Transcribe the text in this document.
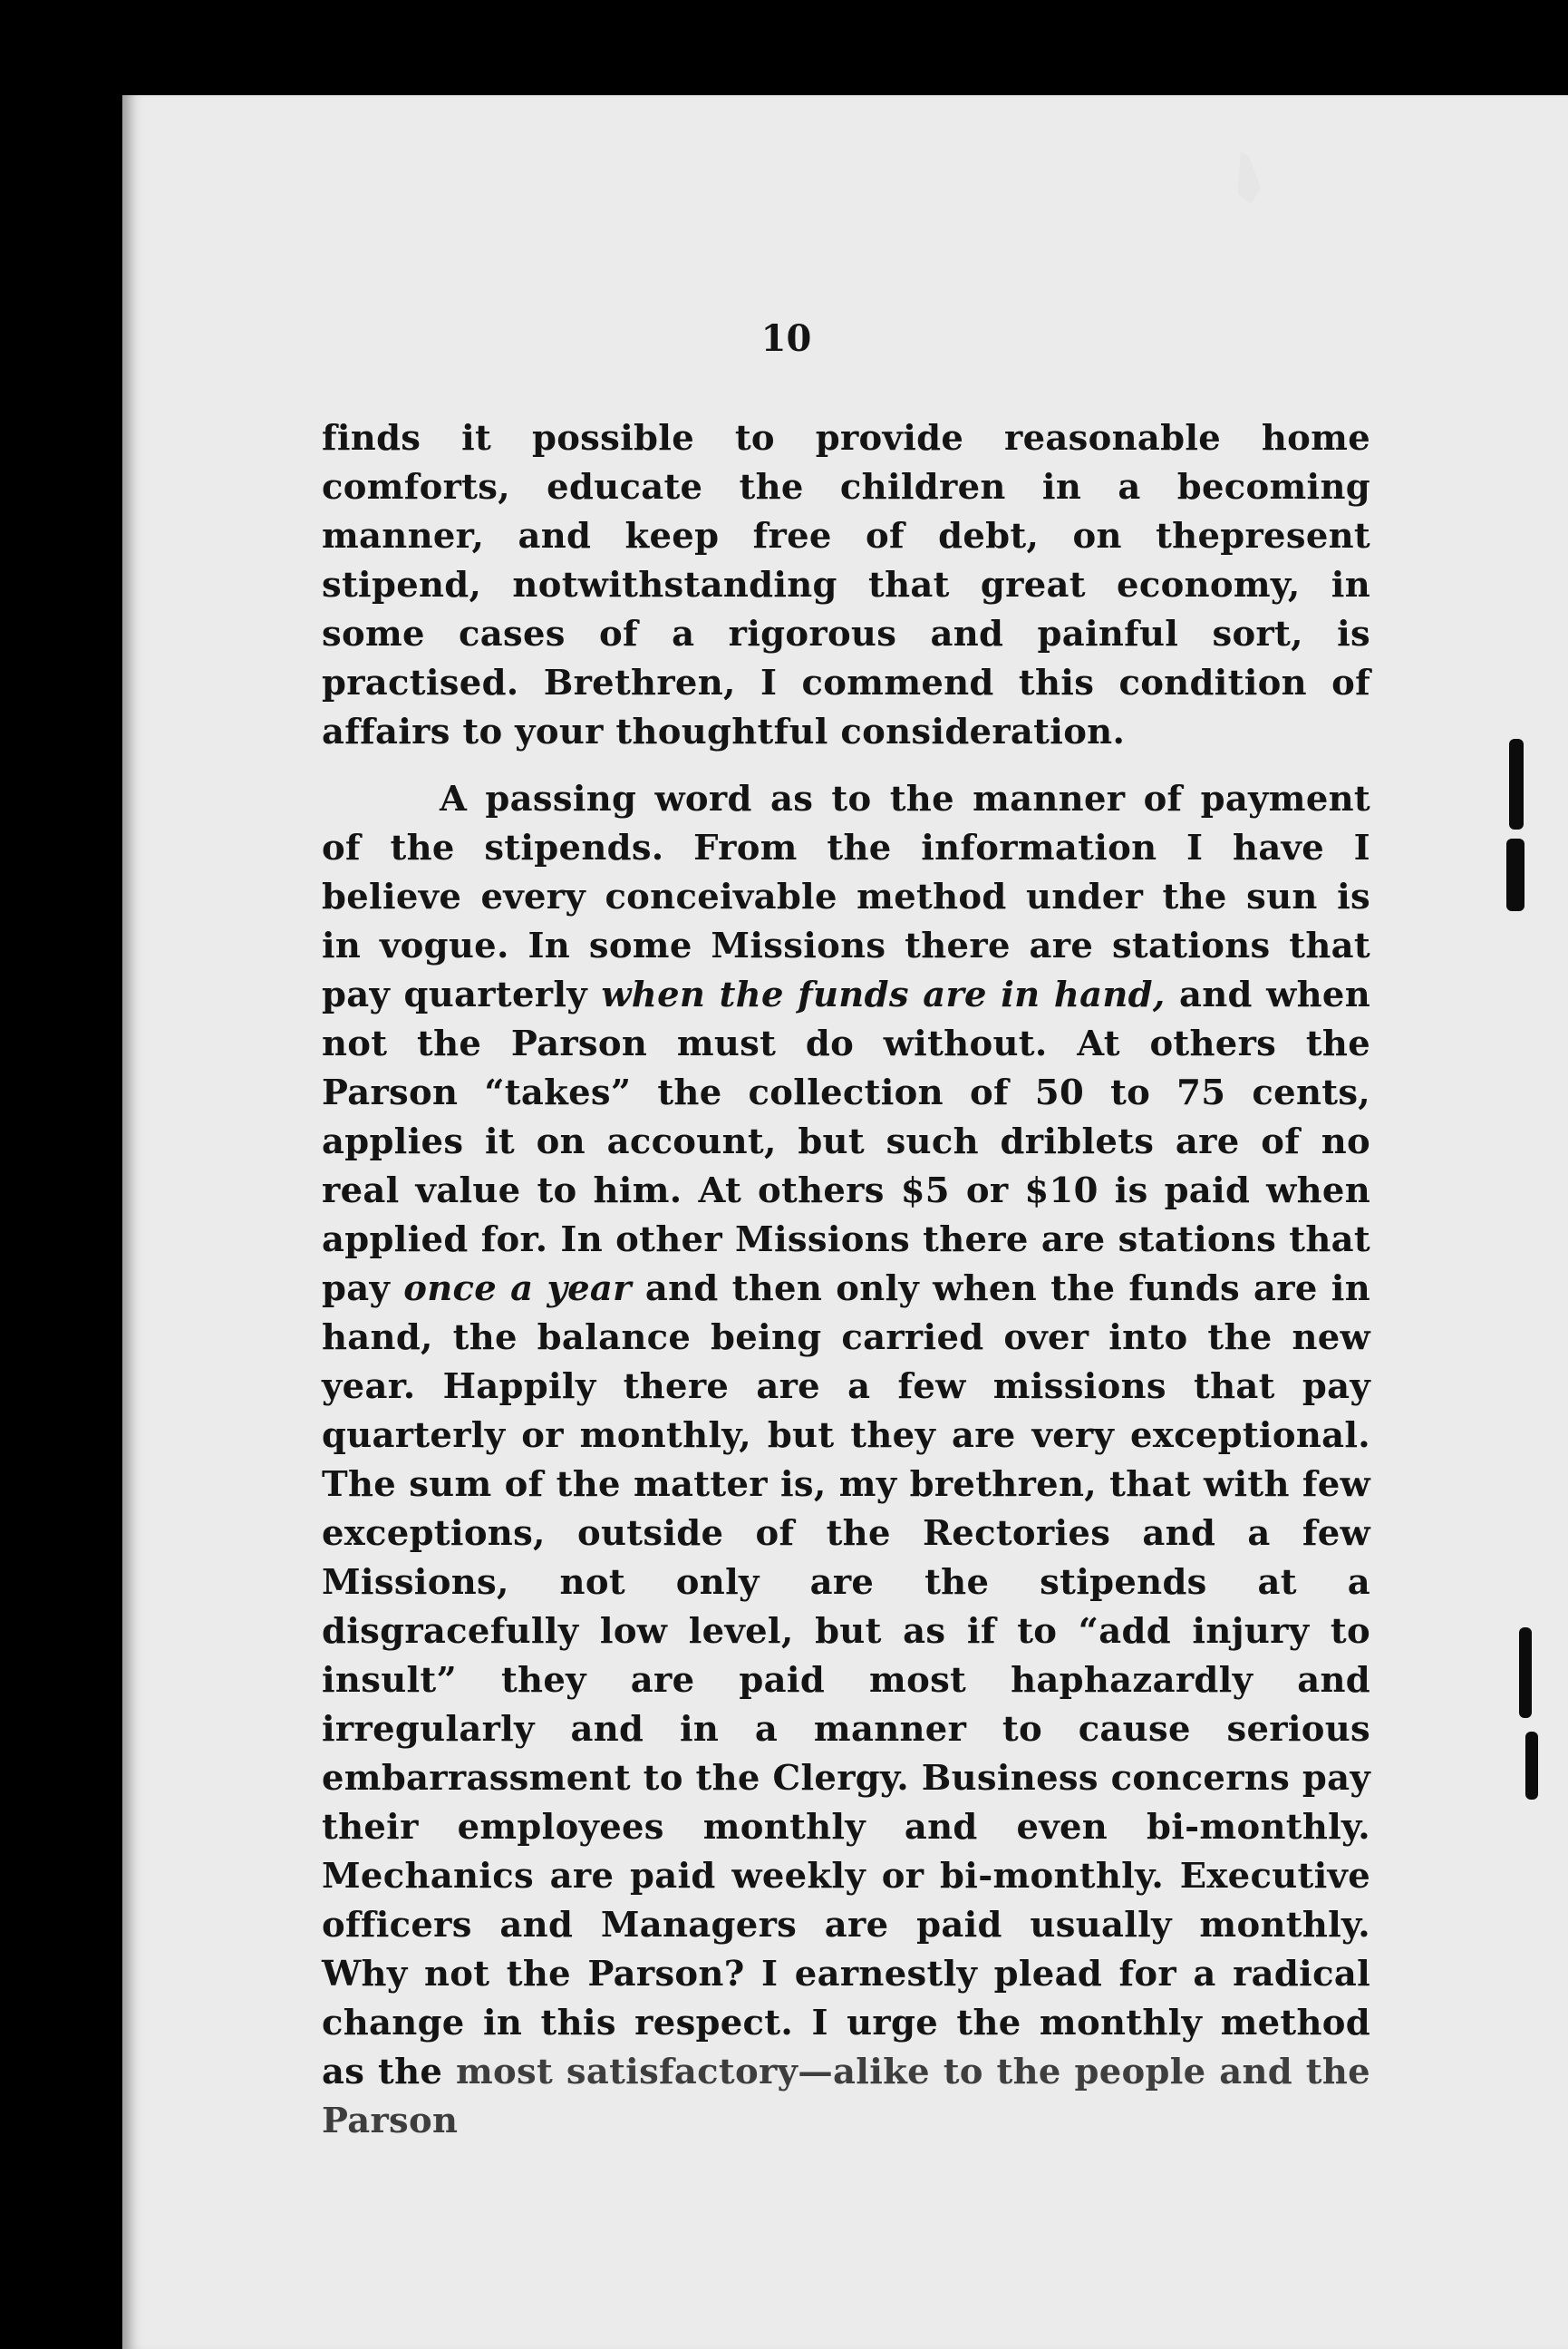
10

finds it possible to provide reasonable home comforts, educate the children in a becoming manner, and keep free of debt, on thepresent stipend, notwithstanding that great economy, in some cases of a rigorous and painful sort, is practised. Brethren, I commend this condition of affairs to your thoughtful consideration.

A passing word as to the manner of payment of the stipends. From the information I have I believe every conceivable method under the sun is in vogue. In some Missions there are stations that pay quarterly when the funds are in hand, and when not the Parson must do without. At others the Parson “takes” the collection of 50 to 75 cents, applies it on account, but such driblets are of no real value to him. At others $5 or $10 is paid when applied for. In other Missions there are stations that pay once a year and then only when the funds are in hand, the balance being carried over into the new year. Happily there are a few missions that pay quarterly or monthly, but they are very exceptional. The sum of the matter is, my brethren, that with few exceptions, outside of the Rectories and a few Missions, not only are the stipends at a disgracefully low level, but as if to “add injury to insult” they are paid most haphazardly and irregularly and in a manner to cause serious embarrassment to the Clergy. Business concerns pay their employees monthly and even bi-monthly. Mechanics are paid weekly or bi-monthly. Executive officers and Managers are paid usually monthly. Why not the Parson? I earnestly plead for a radical change in this respect. I urge the monthly method as the most satisfactory—alike to the people and the Parson
